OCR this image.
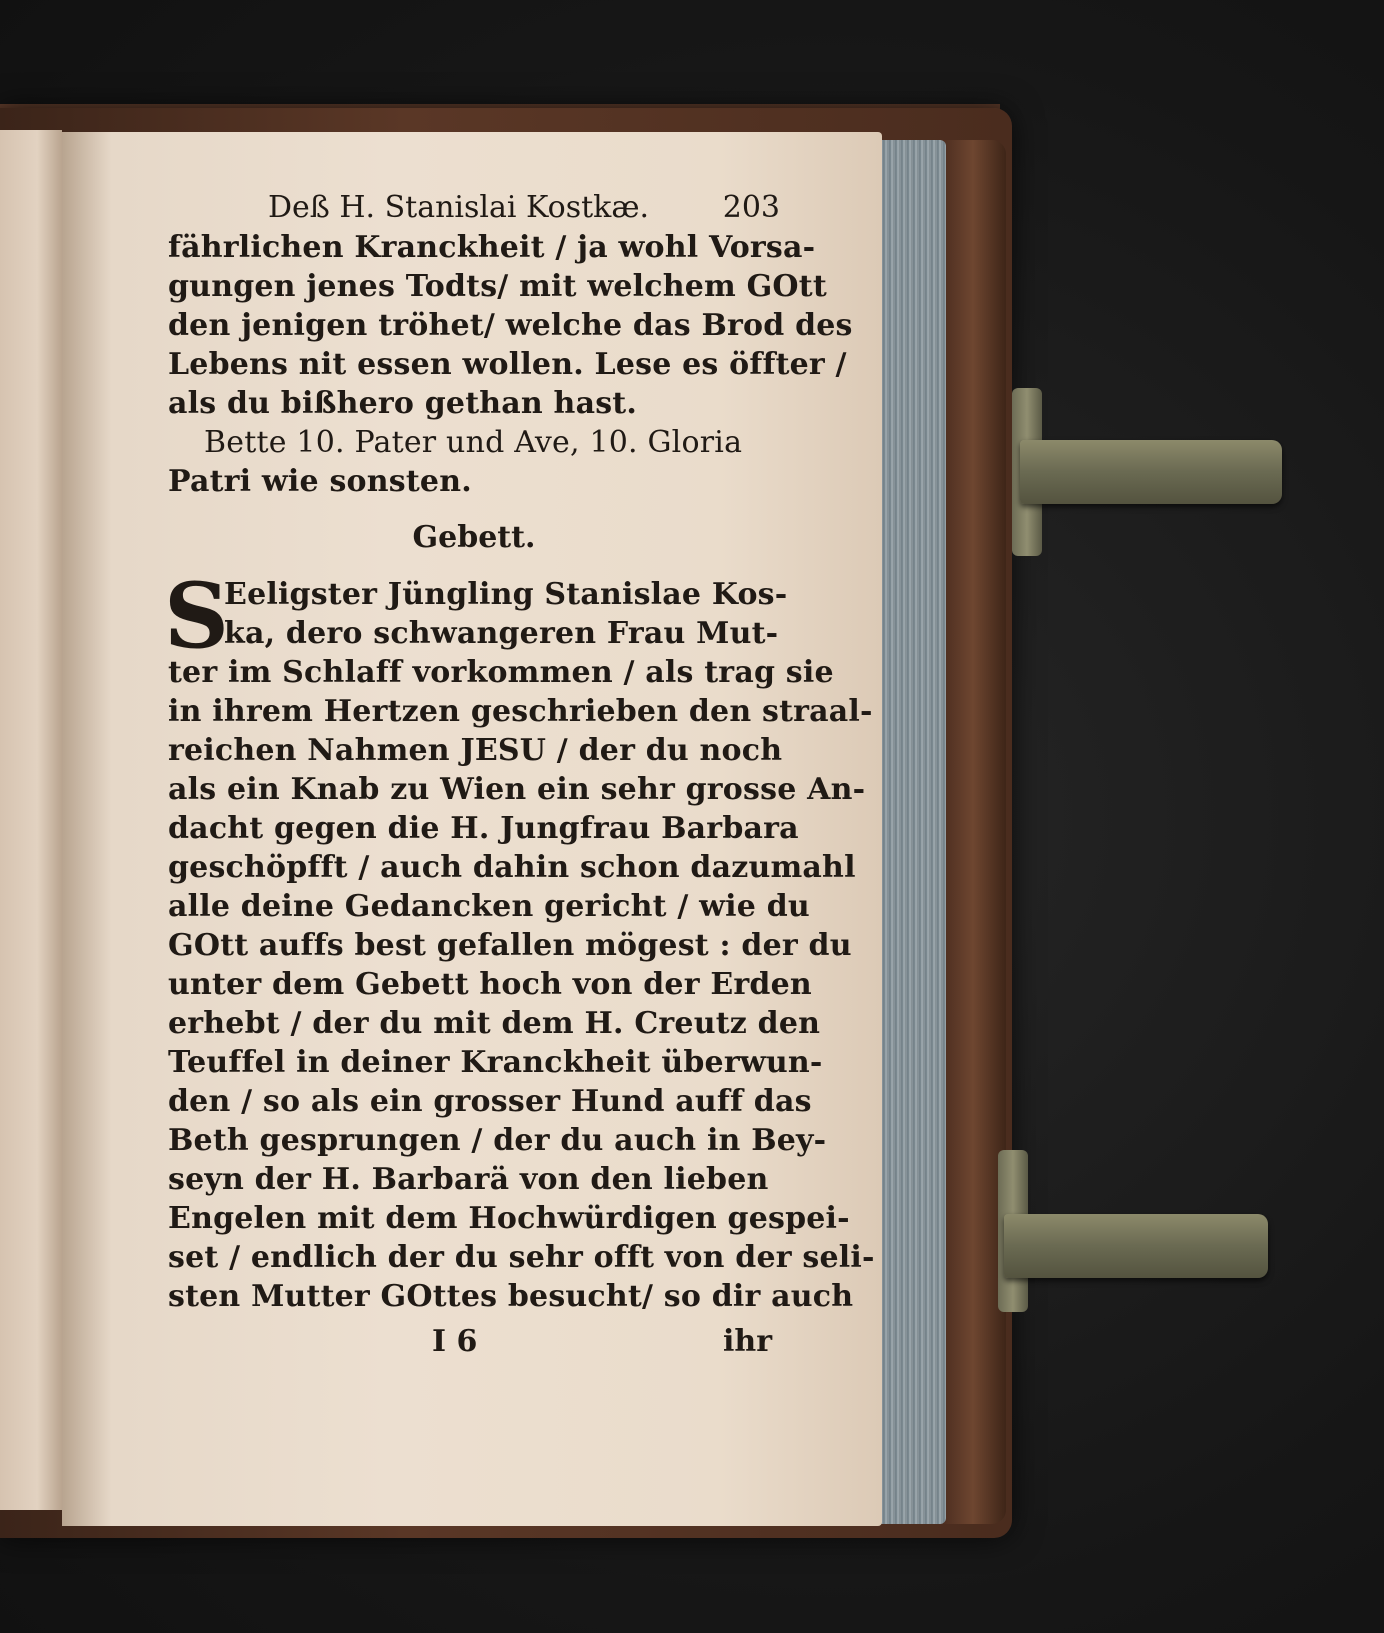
Deß H. Stanislai Kostkæ. 203
fährlichen Kranckheit / ja wohl Vorsa-
gungen jenes Todts/ mit welchem GOtt
den jenigen tröhet/ welche das Brod des
Lebens nit essen wollen. Lese es öffter /
als du bißhero gethan hast.
Bette 10. Pater und Ave, 10. Gloria
Patri wie sonsten.
Gebett.
S
Eeligster Jüngling Stanislae Kos-
ka, dero schwangeren Frau Mut-
ter im Schlaff vorkommen / als trag sie
in ihrem Hertzen geschrieben den straal-
reichen Nahmen JESU / der du noch
als ein Knab zu Wien ein sehr grosse An-
dacht gegen die H. Jungfrau Barbara
geschöpfft / auch dahin schon dazumahl
alle deine Gedancken gericht / wie du
GOtt auffs best gefallen mögest : der du
unter dem Gebett hoch von der Erden
erhebt / der du mit dem H. Creutz den
Teuffel in deiner Kranckheit überwun-
den / so als ein grosser Hund auff das
Beth gesprungen / der du auch in Bey-
seyn der H. Barbarä von den lieben
Engelen mit dem Hochwürdigen gespei-
set / endlich der du sehr offt von der seli-
sten Mutter GOttes besucht/ so dir auch
I 6	ihr
